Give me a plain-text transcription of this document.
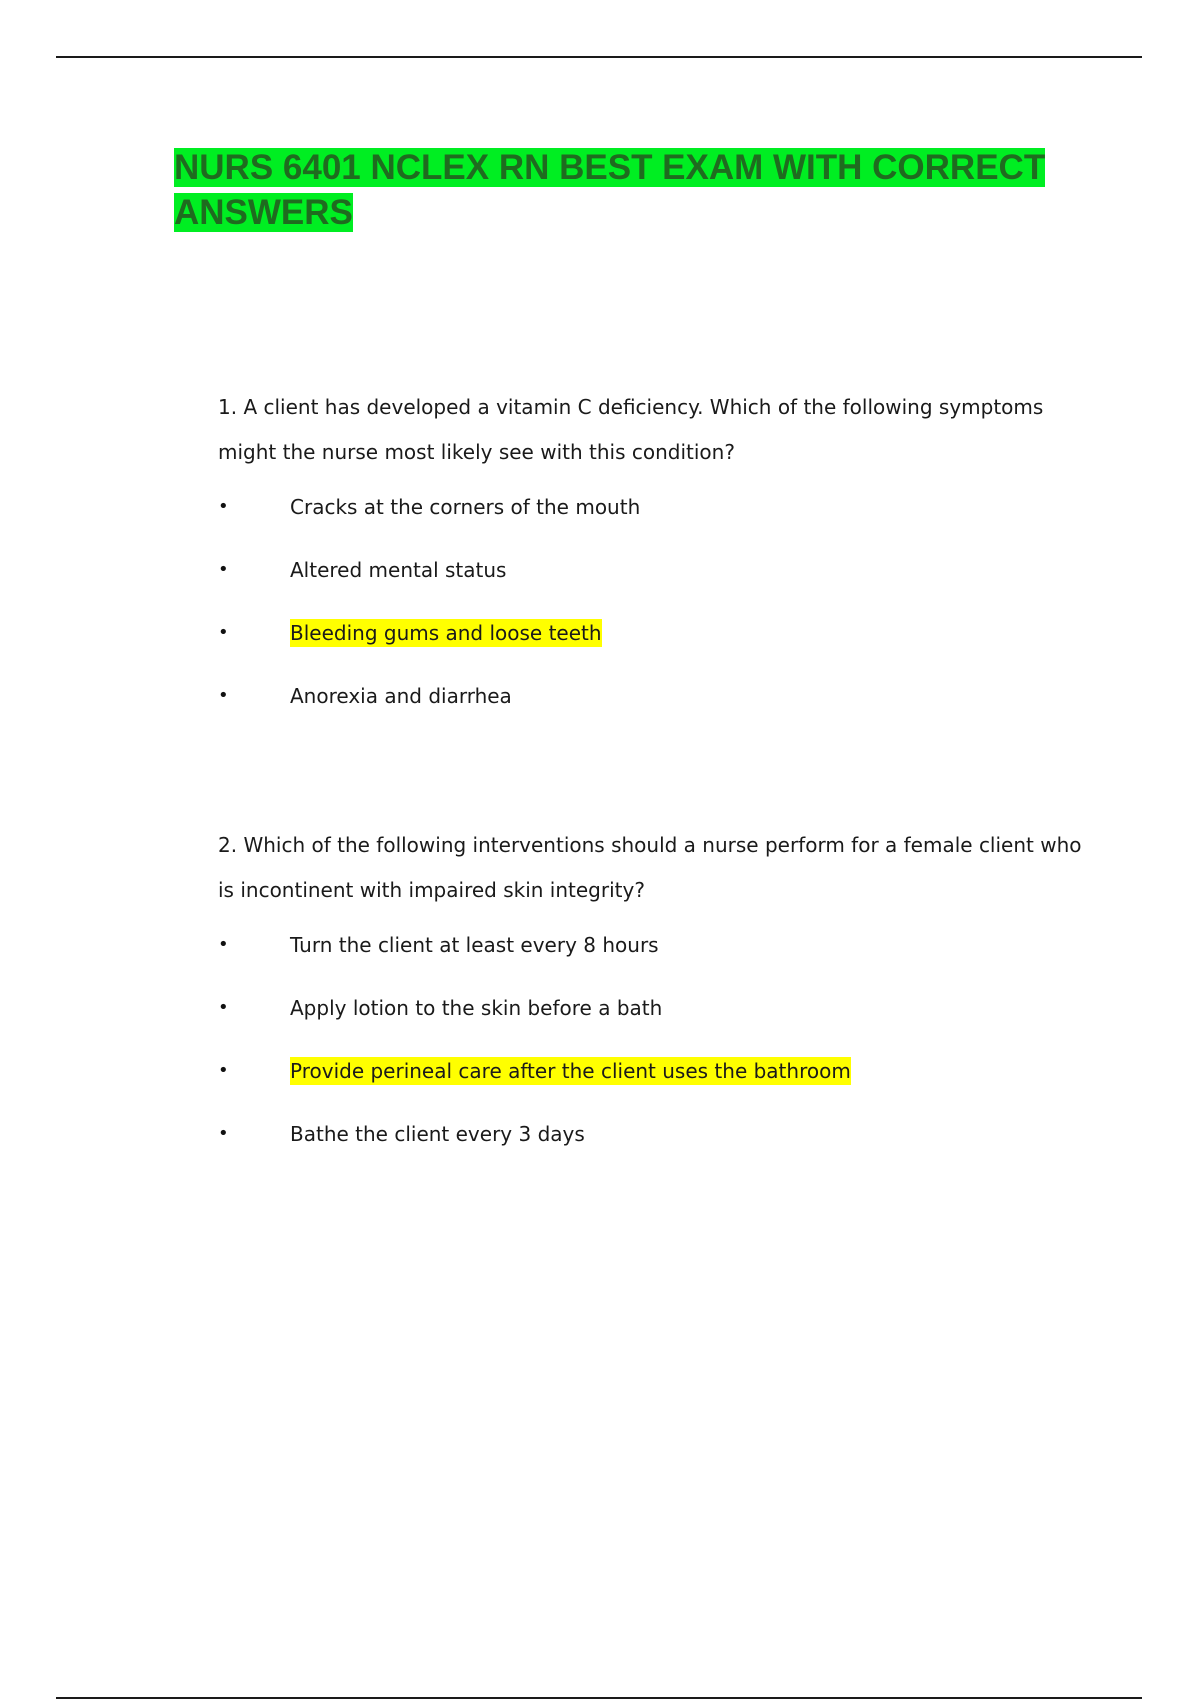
NURS 6401 NCLEX RN BEST EXAM WITH CORRECT ANSWERS

1. A client has developed a vitamin C deficiency. Which of the following symptoms might the nurse most likely see with this condition?

•	Cracks at the corners of the mouth
•	Altered mental status
•	Bleeding gums and loose teeth
•	Anorexia and diarrhea

2. Which of the following interventions should a nurse perform for a female client who is incontinent with impaired skin integrity?

•	Turn the client at least every 8 hours
•	Apply lotion to the skin before a bath
•	Provide perineal care after the client uses the bathroom
•	Bathe the client every 3 days
